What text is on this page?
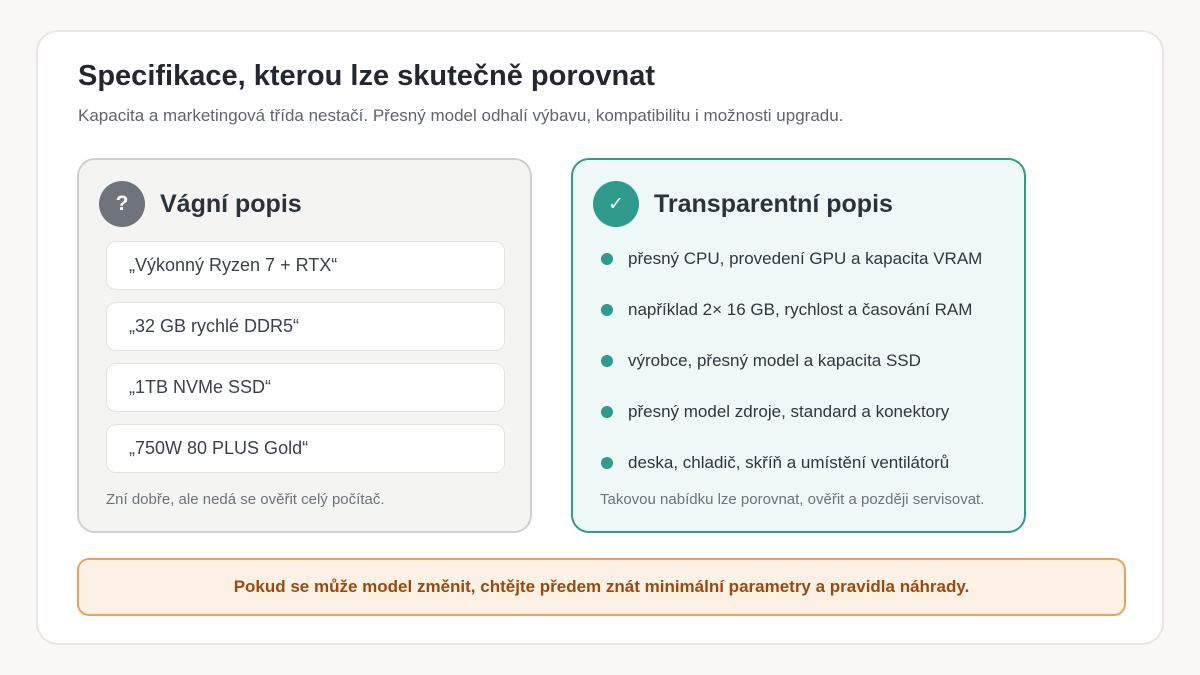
Specifikace, kterou lze skutečně porovnat

Kapacita a marketingová třída nestačí. Přesný model odhalí výbavu, kompatibilitu i možnosti upgradu.

?	Vágní popis
„Výkonný Ryzen 7 + RTX“
„32 GB rychlé DDR5“
„1TB NVMe SSD“
„750W 80 PLUS Gold“
Zní dobře, ale nedá se ověřit celý počítač.
✓	Transparentní popis
přesný CPU, provedení GPU a kapacita VRAM
například 2× 16 GB, rychlost a časování RAM
výrobce, přesný model a kapacita SSD
přesný model zdroje, standard a konektory
deska, chladič, skříň a umístění ventilátorů
Takovou nabídku lze porovnat, ověřit a později servisovat.
Pokud se může model změnit, chtějte předem znát minimální parametry a pravidla náhrady.
